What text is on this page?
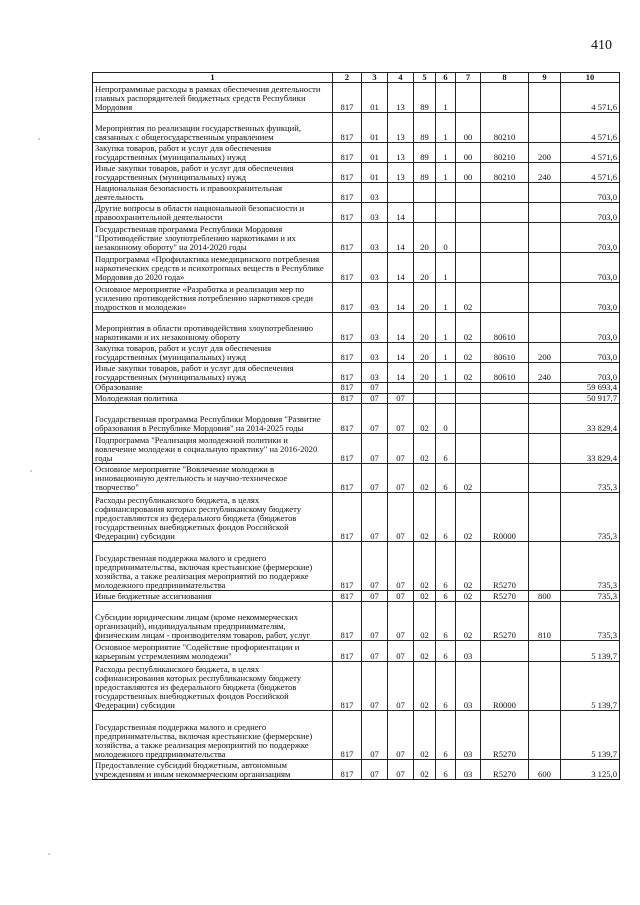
410
1	2	3	4	5	6	7	8	9	10
Непрограммные расходы в рамках обеспечения деятельности главных распорядителей бюджетных средств Республики Мордовия	817	01	13	89	1				4 571,6
Мероприятия по реализации государственных функций, связанных с общегосударственным управлением	817	01	13	89	1	00	80210		4 571,6
Закупка товаров, работ и услуг для обеспечения государственных (муниципальных) нужд	817	01	13	89	1	00	80210	200	4 571,6
Иные закупки товаров, работ и услуг для обеспечения государственных (муниципальных) нужд	817	01	13	89	1	00	80210	240	4 571,6
Национальная безопасность и правоохранительная деятельность	817	03							703,0
Другие вопросы в области национальной безопасности и правоохранительной деятельности	817	03	14						703,0
Государственная программа Республики Мордовия "Противодействие злоупотреблению наркотиками и их незаконному обороту" на 2014-2020 годы	817	03	14	20	0				703,0
Подпрограмма «Профилактика немедицинского потребления наркотических средств и психотропных веществ в Республике Мордовия до 2020 года»	817	03	14	20	1				703,0
Основное мероприятие «Разработка и реализация мер по усилению противодействия потреблению наркотиков среди подростков и молодежи»	817	03	14	20	1	02			703,0
Мероприятия в области противодействия злоупотреблению наркотиками и их незаконному обороту	817	03	14	20	1	02	80610		703,0
Закупка товаров, работ и услуг для обеспечения государственных (муниципальных) нужд	817	03	14	20	1	02	80610	200	703,0
Иные закупки товаров, работ и услуг для обеспечения государственных (муниципальных) нужд	817	03	14	20	1	02	80610	240	703,0
Образование	817	07							59 693,4
Молодежная политика	817	07	07						50 917,7
Государственная программа Республики Мордовия "Развитие образования в Республике Мордовия" на 2014-2025 годы	817	07	07	02	0				33 829,4
Подпрограмма "Реализация молодежной политики и вовлечение молодежи в социальную практику" на 2016-2020 годы	817	07	07	02	6				33 829,4
Основное мероприятие "Вовлечение молодежи в инновационную деятельность и научно-техническое творчество"	817	07	07	02	6	02			735,3
Расходы республиканского бюджета, в целях софинансирования которых республиканскому бюджету предоставляются из федерального бюджета (бюджетов государственных внебюджетных фондов Российской Федерации) субсидии	817	07	07	02	6	02	R0000		735,3
Государственная поддержка малого и среднего предпринимательства, включая крестьянские (фермерские) хозяйства, а также реализация мероприятий по поддержке молодежного предпринимательства	817	07	07	02	6	02	R5270		735,3
Иные бюджетные ассигнования	817	07	07	02	6	02	R5270	800	735,3
Субсидии юридическим лицам (кроме некоммерческих организаций), индивидуальным предпринимателям, физическим лицам - производителям товаров, работ, услуг	817	07	07	02	6	02	R5270	810	735,3
Основное мероприятие "Содействие профориентации и карьерным устремлениям молодежи"	817	07	07	02	6	03			5 139,7
Расходы республиканского бюджета, в целях софинансирования которых республиканскому бюджету предоставляются из федерального бюджета (бюджетов государственных внебюджетных фондов Российской Федерации) субсидии	817	07	07	02	6	03	R0000		5 139,7
Государственная поддержка малого и среднего предпринимательства, включая крестьянские (фермерские) хозяйства, а также реализация мероприятий по поддержке молодежного предпринимательства	817	07	07	02	6	03	R5270		5 139,7
Предоставление субсидий бюджетным, автономным учреждениям и иным некоммерческим организациям	817	07	07	02	6	03	R5270	600	3 125,0
